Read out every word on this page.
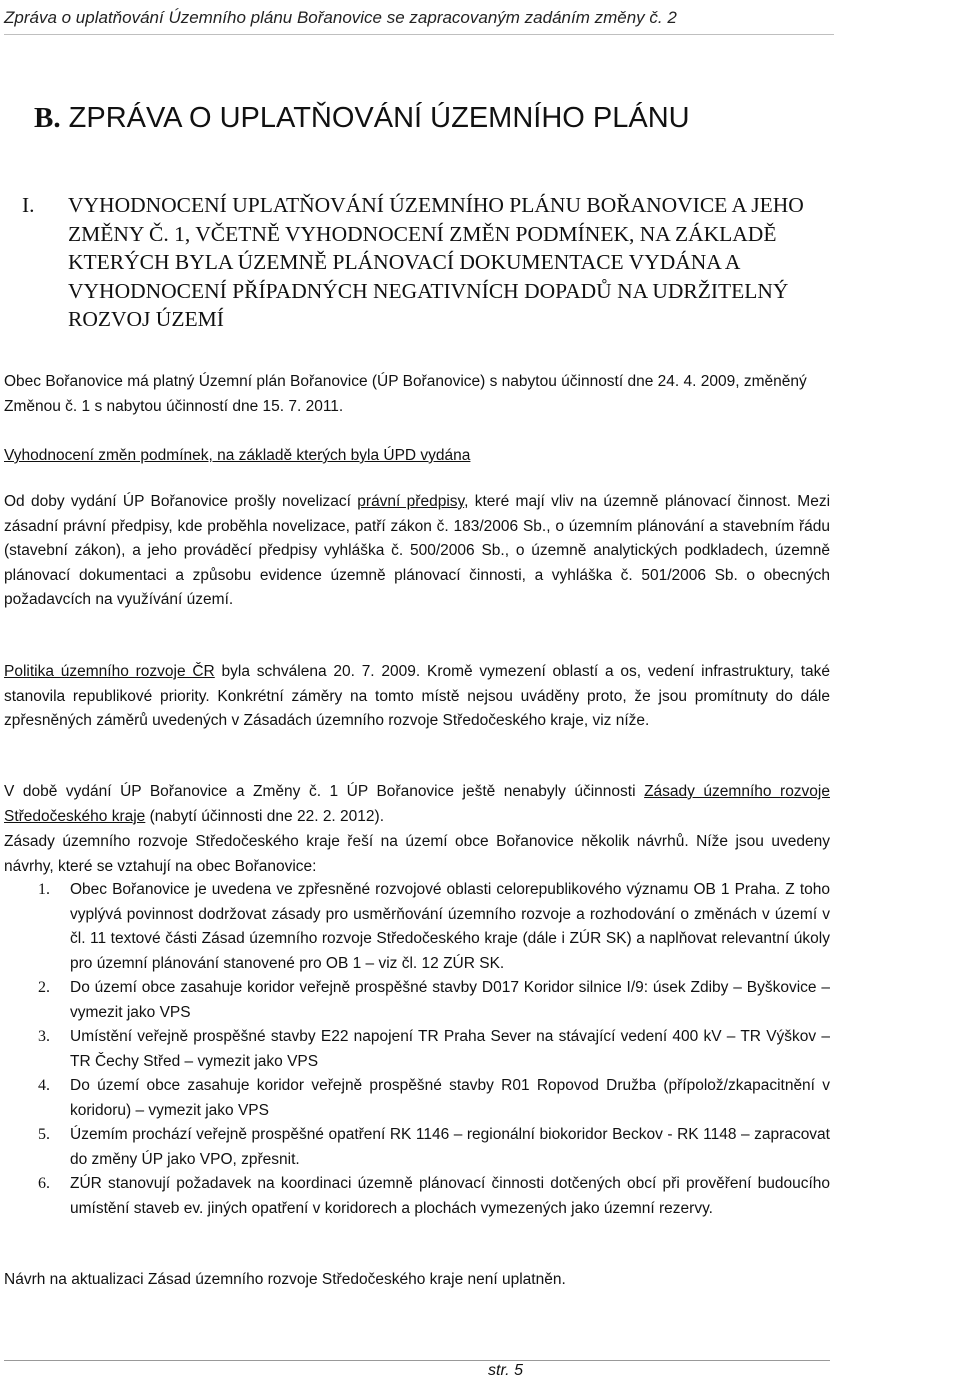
Zpráva o uplatňování Územního plánu Bořanovice se zapracovaným zadáním změny č. 2
B. ZPRÁVA O UPLATŇOVÁNÍ ÚZEMNÍHO PLÁNU
I. VYHODNOCENÍ UPLATŇOVÁNÍ ÚZEMNÍHO PLÁNU BOŘANOVICE A JEHO ZMĚNY Č. 1, VČETNĚ VYHODNOCENÍ ZMĚN PODMÍNEK, NA ZÁKLADĚ KTERÝCH BYLA ÚZEMNĚ PLÁNOVACÍ DOKUMENTACE VYDÁNA A VYHODNOCENÍ PŘÍPADNÝCH NEGATIVNÍCH DOPADŮ NA UDRŽITELNÝ ROZVOJ ÚZEMÍ
Obec Bořanovice má platný Územní plán Bořanovice (ÚP Bořanovice) s nabytou účinností dne 24. 4. 2009, změněný Změnou č. 1 s nabytou účinností dne 15. 7. 2011.
Vyhodnocení změn podmínek, na základě kterých byla ÚPD vydána
Od doby vydání ÚP Bořanovice prošly novelizací právní předpisy, které mají vliv na územně plánovací činnost. Mezi zásadní právní předpisy, kde proběhla novelizace, patří zákon č. 183/2006 Sb., o územním plánování a stavebním řádu (stavební zákon), a jeho prováděcí předpisy vyhláška č. 500/2006 Sb., o územně analytických podkladech, územně plánovací dokumentaci a způsobu evidence územně plánovací činnosti, a vyhláška č. 501/2006 Sb. o obecných požadavcích na využívání území.
Politika územního rozvoje ČR byla schválena 20. 7. 2009. Kromě vymezení oblastí a os, vedení infrastruktury, také stanovila republikové priority. Konkrétní záměry na tomto místě nejsou uváděny proto, že jsou promítnuty do dále zpřesněných záměrů uvedených v Zásadách územního rozvoje Středočeského kraje, viz níže.
V době vydání ÚP Bořanovice a Změny č. 1 ÚP Bořanovice ještě nenabyly účinnosti Zásady územního rozvoje Středočeského kraje (nabytí účinnosti dne 22. 2. 2012).
Zásady územního rozvoje Středočeského kraje řeší na území obce Bořanovice několik návrhů. Níže jsou uvedeny návrhy, které se vztahují na obec Bořanovice:
1. Obec Bořanovice je uvedena ve zpřesněné rozvojové oblasti celorepublikového významu OB 1 Praha. Z toho vyplývá povinnost dodržovat zásady pro usměrňování územního rozvoje a rozhodování o změnách v území v čl. 11 textové části Zásad územního rozvoje Středočeského kraje (dále i ZÚR SK) a naplňovat relevantní úkoly pro územní plánování stanovené pro OB 1 – viz čl. 12 ZÚR SK.
2. Do území obce zasahuje koridor veřejně prospěšné stavby D017 Koridor silnice I/9: úsek Zdiby – Byškovice – vymezit jako VPS
3. Umístění veřejně prospěšné stavby E22 napojení TR Praha Sever na stávající vedení 400 kV – TR Výškov – TR Čechy Střed – vymezit jako VPS
4. Do území obce zasahuje koridor veřejně prospěšné stavby R01 Ropovod Družba (přípolož/zkapacitnění v koridoru) – vymezit jako VPS
5. Územím prochází veřejně prospěšné opatření RK 1146 – regionální biokoridor Beckov - RK 1148 – zapracovat do změny ÚP jako VPO, zpřesnit.
6. ZÚR stanovují požadavek na koordinaci územně plánovací činnosti dotčených obcí při prověření budoucího umístění staveb ev. jiných opatření v koridorech a plochách vymezených jako územní rezervy.
Návrh na aktualizaci Zásad územního rozvoje Středočeského kraje není uplatněn.
str. 5
